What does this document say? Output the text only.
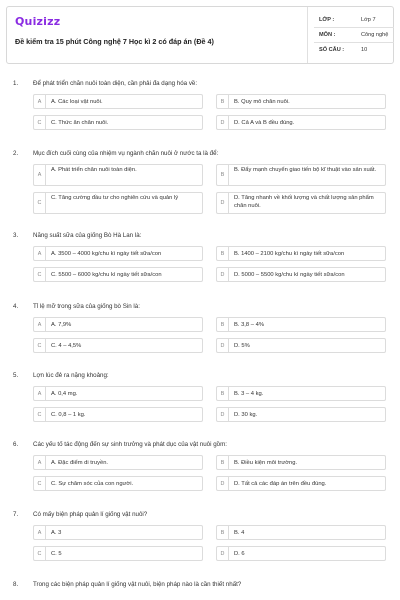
Quizizz
Đề kiểm tra 15 phút Công nghệ 7 Học kì 2 có đáp án (Đề 4)
LỚP :	Lớp 7
MÔN :	Công nghệ
SỐ CÂU :	10
1. Để phát triển chăn nuôi toàn diện, cần phải đa dạng hóa về:
A	A. Các loại vật nuôi.	B	B. Quy mô chăn nuôi.
C	C. Thức ăn chăn nuôi.	D	D. Cả A và B đều đúng.
2. Mục đích cuối cùng của nhiệm vụ ngành chăn nuôi ở nước ta là để:
A
A. Phát triển chăn nuôi toàn diện.
B
B. Đẩy mạnh chuyển giao tiến bộ kĩ thuật vào sản xuất.
C
C. Tăng cường đầu tư cho nghiên cứu và quản lý
D
D. Tăng nhanh về khối lượng và chất lượng sản phẩm chăn nuôi.
3. Năng suất sữa của giống Bò Hà Lan là:
A	A. 3500 – 4000 kg/chu kì ngày tiết sữa/con	B	B. 1400 – 2100 kg/chu kì ngày tiết sữa/con
C	C. 5500 – 6000 kg/chu kì ngày tiết sữa/con	D	D. 5000 – 5500 kg/chu kì ngày tiết sữa/con
4. Tỉ lệ mỡ trong sữa của giống bò Sin là:
A	A. 7,9%	B	B. 3,8 – 4%
C	C. 4 – 4,5%	D	D. 5%
5. Lợn lúc đẻ ra nặng khoảng:
A	A. 0,4 mg.	B	B. 3 – 4 kg.
C	C. 0,8 – 1 kg.	D	D. 30 kg.
6. Các yếu tố tác động đến sự sinh trưởng và phát dục của vật nuôi gồm:
A	A. Đặc điểm di truyền.	B	B. Điều kiện môi trường.
C	C. Sự chăm sóc của con người.	D	D. Tất cả các đáp án trên đều đúng.
7. Có mấy biện pháp quản lí giống vật nuôi?
A	A. 3	B	B. 4
C	C. 5	D	D. 6
8. Trong các biện pháp quản lí giống vật nuôi, biện pháp nào là cần thiết nhất?
